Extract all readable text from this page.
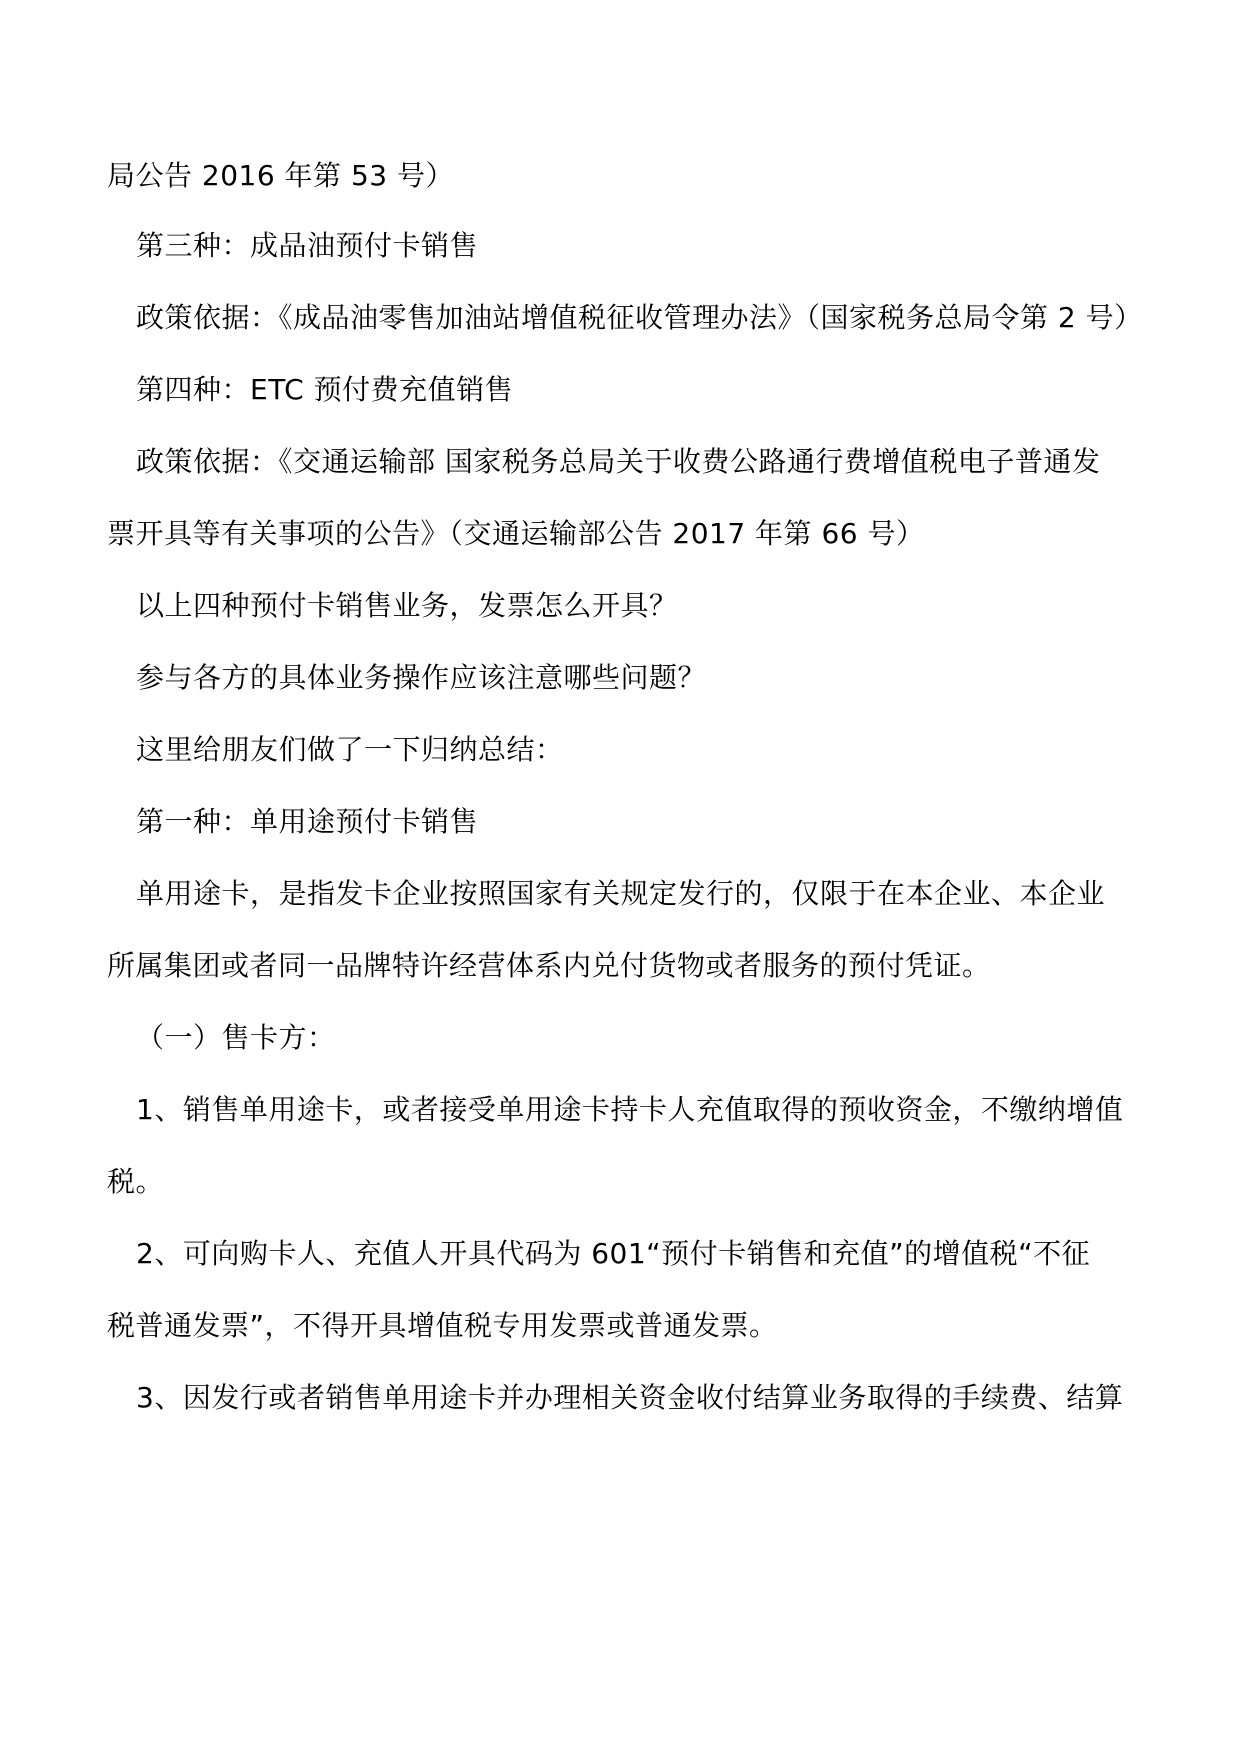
局公告 2016 年第 53 号）
第三种：成品油预付卡销售
政策依据：《成品油零售加油站增值税征收管理办法》（国家税务总局令第 2 号）
第四种：ETC 预付费充值销售
政策依据：《交通运输部 国家税务总局关于收费公路通行费增值税电子普通发
票开具等有关事项的公告》（交通运输部公告 2017 年第 66 号）
以上四种预付卡销售业务，发票怎么开具？
参与各方的具体业务操作应该注意哪些问题？
这里给朋友们做了一下归纳总结：
第一种：单用途预付卡销售
单用途卡，是指发卡企业按照国家有关规定发行的，仅限于在本企业、本企业
所属集团或者同一品牌特许经营体系内兑付货物或者服务的预付凭证。
（一）售卡方：
1、销售单用途卡，或者接受单用途卡持卡人充值取得的预收资金，不缴纳增值
税。
2、可向购卡人、充值人开具代码为 601“预付卡销售和充值”的增值税“不征
税普通发票”，不得开具增值税专用发票或普通发票。
3、因发行或者销售单用途卡并办理相关资金收付结算业务取得的手续费、结算
